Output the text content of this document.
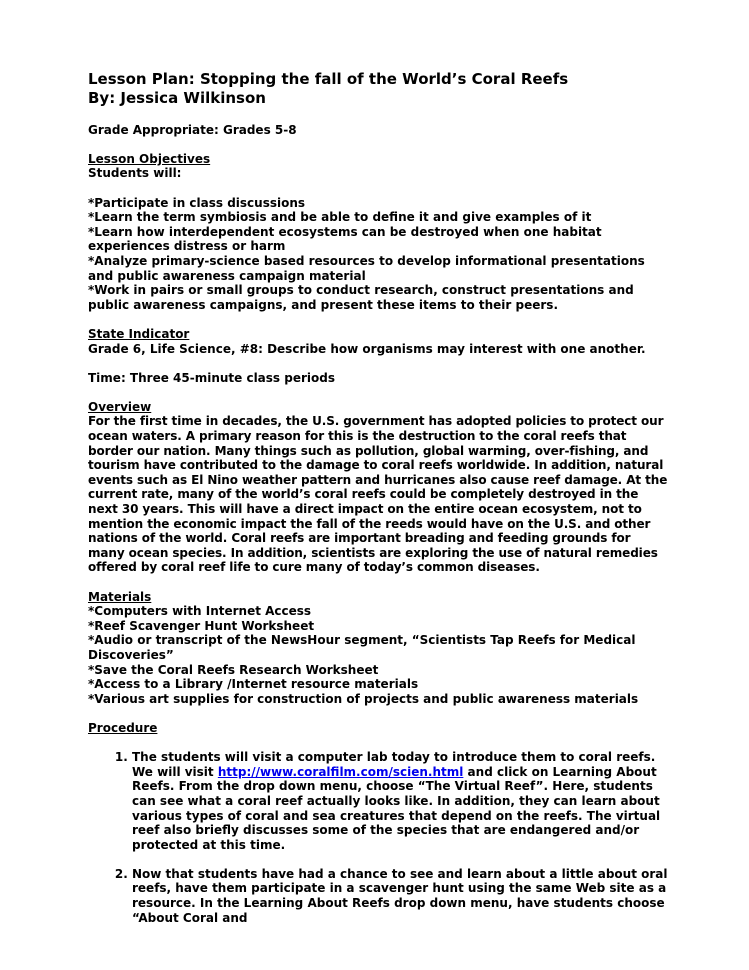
Lesson Plan: Stopping the fall of the World’s Coral Reefs

By: Jessica Wilkinson

Grade Appropriate: Grades 5-8

Lesson Objectives

Students will:

*Participate in class discussions

*Learn the term symbiosis and be able to define it and give examples of it

*Learn how interdependent ecosystems can be destroyed when one habitat experiences distress or harm

*Analyze primary-science based resources to develop informational presentations and public awareness campaign material

*Work in pairs or small groups to conduct research, construct presentations and public awareness campaigns, and present these items to their peers.

State Indicator

Grade 6, Life Science, #8: Describe how organisms may interest with one another.

Time: Three 45-minute class periods

Overview

For the first time in decades, the U.S. government has adopted policies to protect our ocean waters. A primary reason for this is the destruction to the coral reefs that border our nation. Many things such as pollution, global warming, over-fishing, and tourism have contributed to the damage to coral reefs worldwide. In addition, natural events such as El Nino weather pattern and hurricanes also cause reef damage. At the current rate, many of the world’s coral reefs could be completely destroyed in the next 30 years. This will have a direct impact on the entire ocean ecosystem, not to mention the economic impact the fall of the reeds would have on the U.S. and other nations of the world. Coral reefs are important breading and feeding grounds for many ocean species. In addition, scientists are exploring the use of natural remedies offered by coral reef life to cure many of today’s common diseases.

Materials

*Computers with Internet Access

*Reef Scavenger Hunt Worksheet

*Audio or transcript of the NewsHour segment, “Scientists Tap Reefs for Medical Discoveries”

*Save the Coral Reefs Research Worksheet

*Access to a Library /Internet resource materials

*Various art supplies for construction of projects and public awareness materials

Procedure

1. The students will visit a computer lab today to introduce them to coral reefs. We will visit http://www.coralfilm.com/scien.html and click on Learning About Reefs. From the drop down menu, choose “The Virtual Reef”. Here, students can see what a coral reef actually looks like. In addition, they can learn about various types of coral and sea creatures that depend on the reefs. The virtual reef also briefly discusses some of the species that are endangered and/or protected at this time.
2. Now that students have had a chance to see and learn about a little about oral reefs, have them participate in a scavenger hunt using the same Web site as a resource. In the Learning About Reefs drop down menu, have students choose “About Coral and
